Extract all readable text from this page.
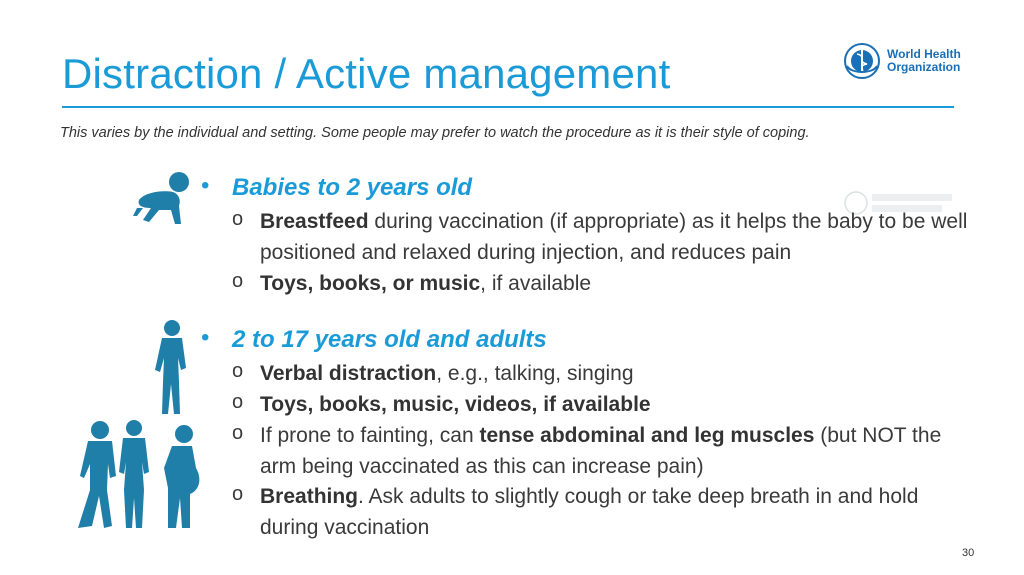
Distraction / Active management	World Health
Organization
This varies by the individual and setting. Some people may prefer to watch the procedure as it is their style of coping.
• Babies to 2 years old
o Breastfeed during vaccination (if appropriate) as it helps the baby to be well positioned and relaxed during injection, and reduces pain
o Toys, books, or music, if available
• 2 to 17 years old and adults
o Verbal distraction, e.g., talking, singing
o Toys, books, music, videos, if available
o If prone to fainting, can tense abdominal and leg muscles (but NOT the arm being vaccinated as this can increase pain)
o Breathing. Ask adults to slightly cough or take deep breath in and hold during vaccination
30
